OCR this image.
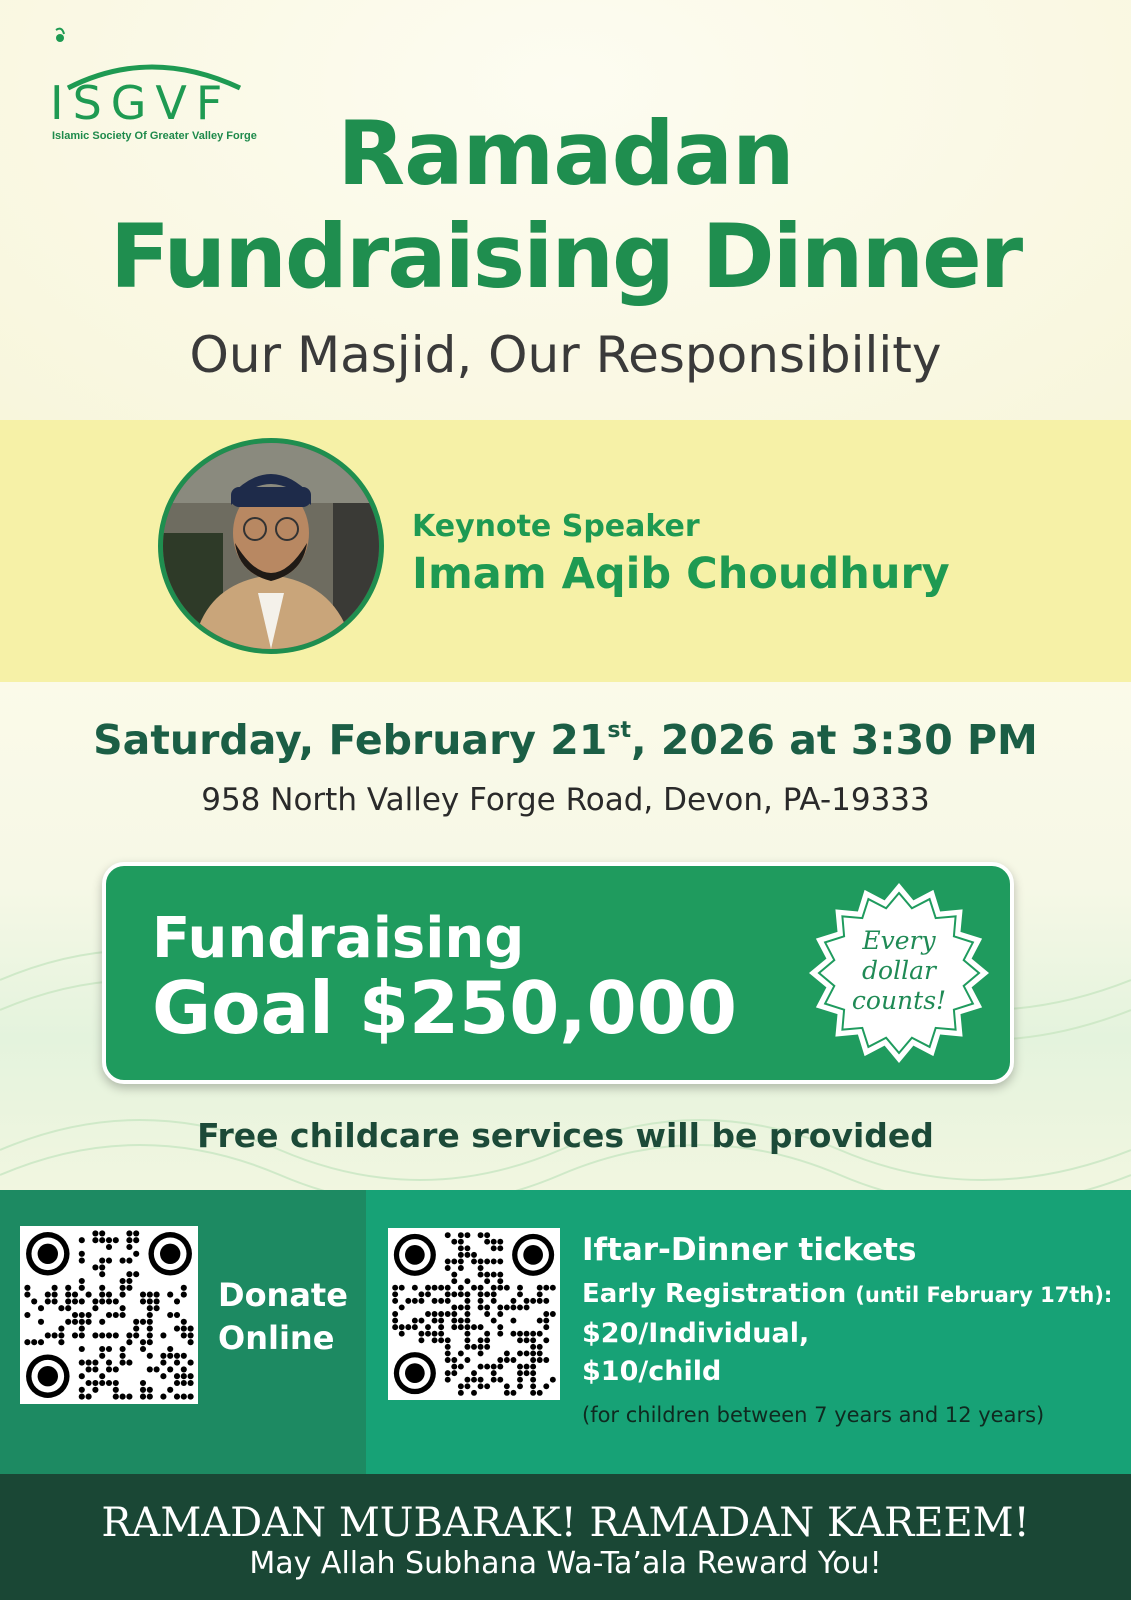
ISGVF
Islamic Society Of Greater Valley Forge Ramadan
Fundraising Dinner
Our Masjid, Our Responsibility
Keynote Speaker
Imam Aqib Choudhury
Saturday, February 21st, 2026 at 3:30 PM
958 North Valley Forge Road, Devon, PA-19333
Fundraising
Goal $250,000
Every
dollar
counts!
Free childcare services will be provided
Donate
Online
Iftar-Dinner tickets
Early Registration (until February 17th):
$20/Individual,
$10/child
(for children between 7 years and 12 years)
RAMADAN MUBARAK! RAMADAN KAREEM!
May Allah Subhana Wa-Ta’ala Reward You!
